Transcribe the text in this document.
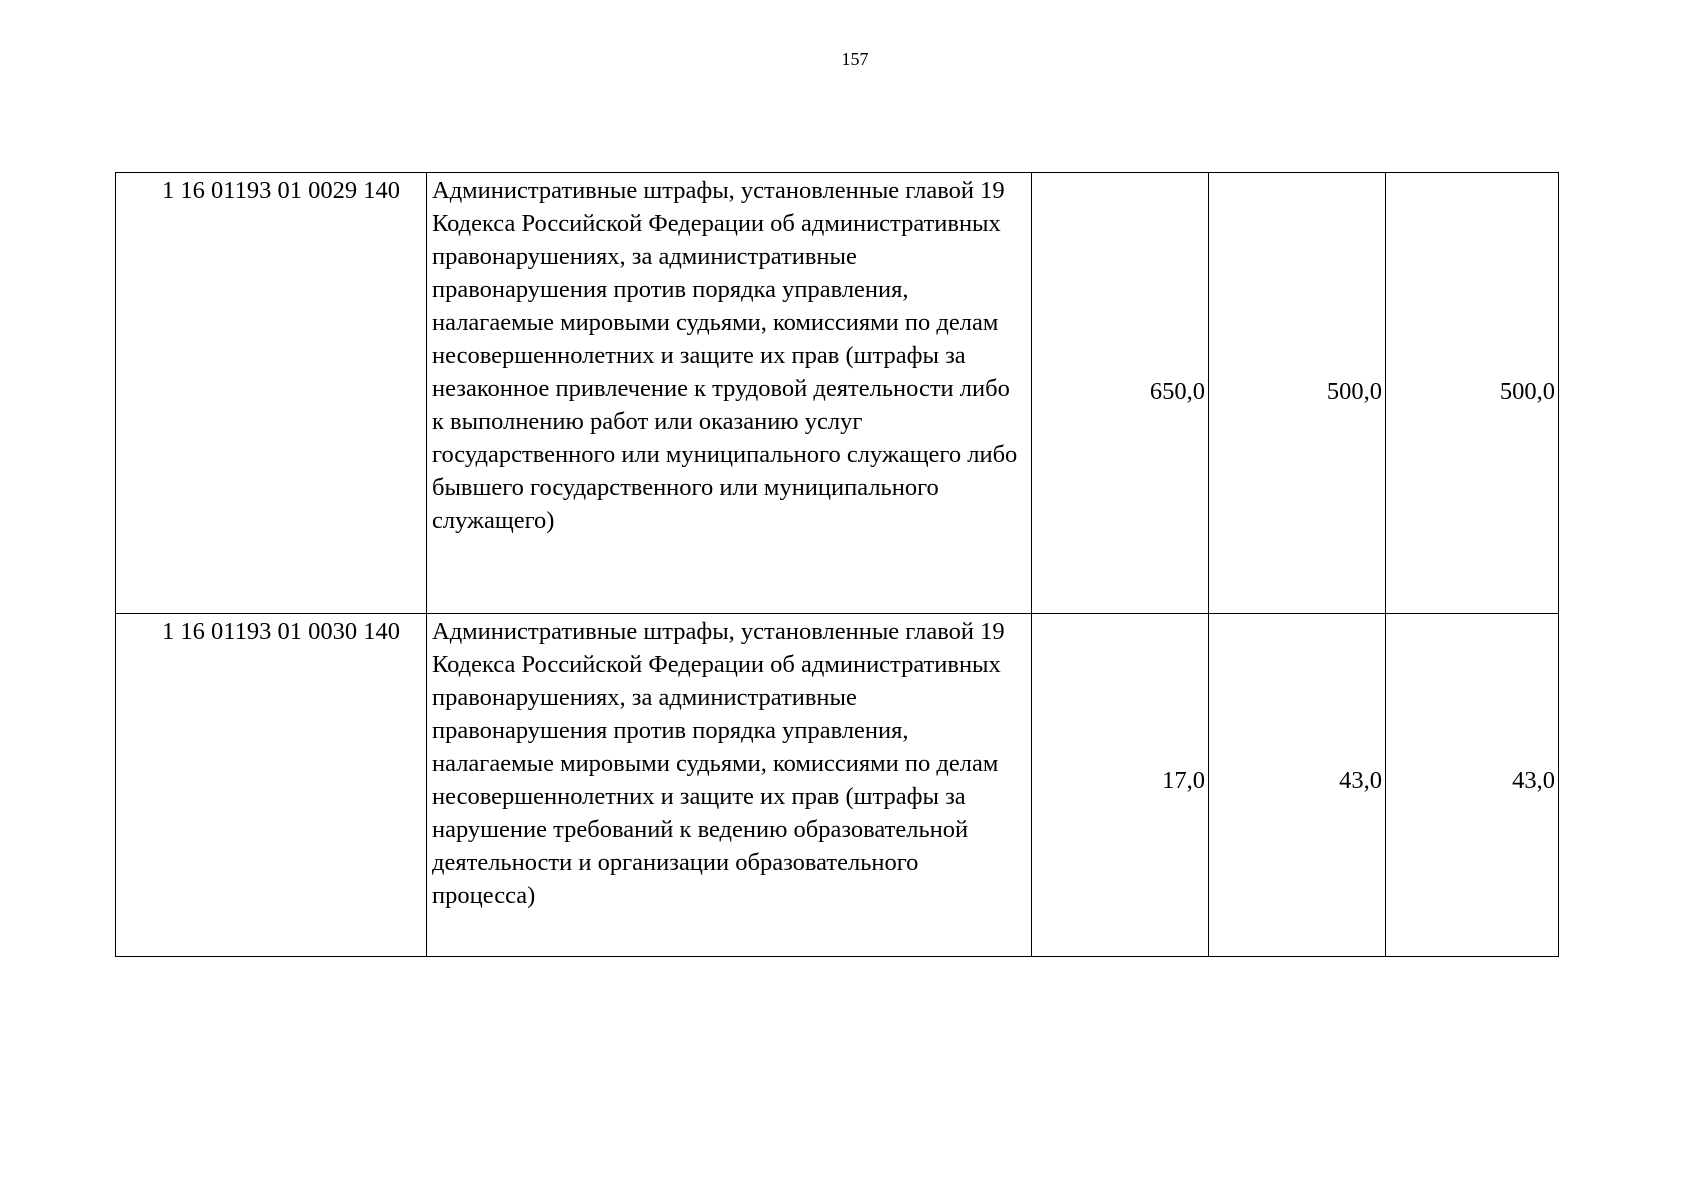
157
1 16 01193 01 0029 140	Административные штрафы, установленные главой 19 Кодекса Российской Федерации об административных правонарушениях, за административные правонарушения против порядка управления, налагаемые мировыми судьями, комиссиями по делам несовершеннолетних и защите их прав (штрафы за незаконное привлечение к трудовой деятельности либо к выполнению работ или оказанию услуг государственного или муниципального служащего либо бывшего государственного или муниципального служащего)	650,0	500,0	500,0
1 16 01193 01 0030 140	Административные штрафы, установленные главой 19 Кодекса Российской Федерации об административных правонарушениях, за административные правонарушения против порядка управления, налагаемые мировыми судьями, комиссиями по делам несовершеннолетних и защите их прав (штрафы за нарушение требований к ведению образовательной деятельности и организации образовательного процесса)	17,0	43,0	43,0
